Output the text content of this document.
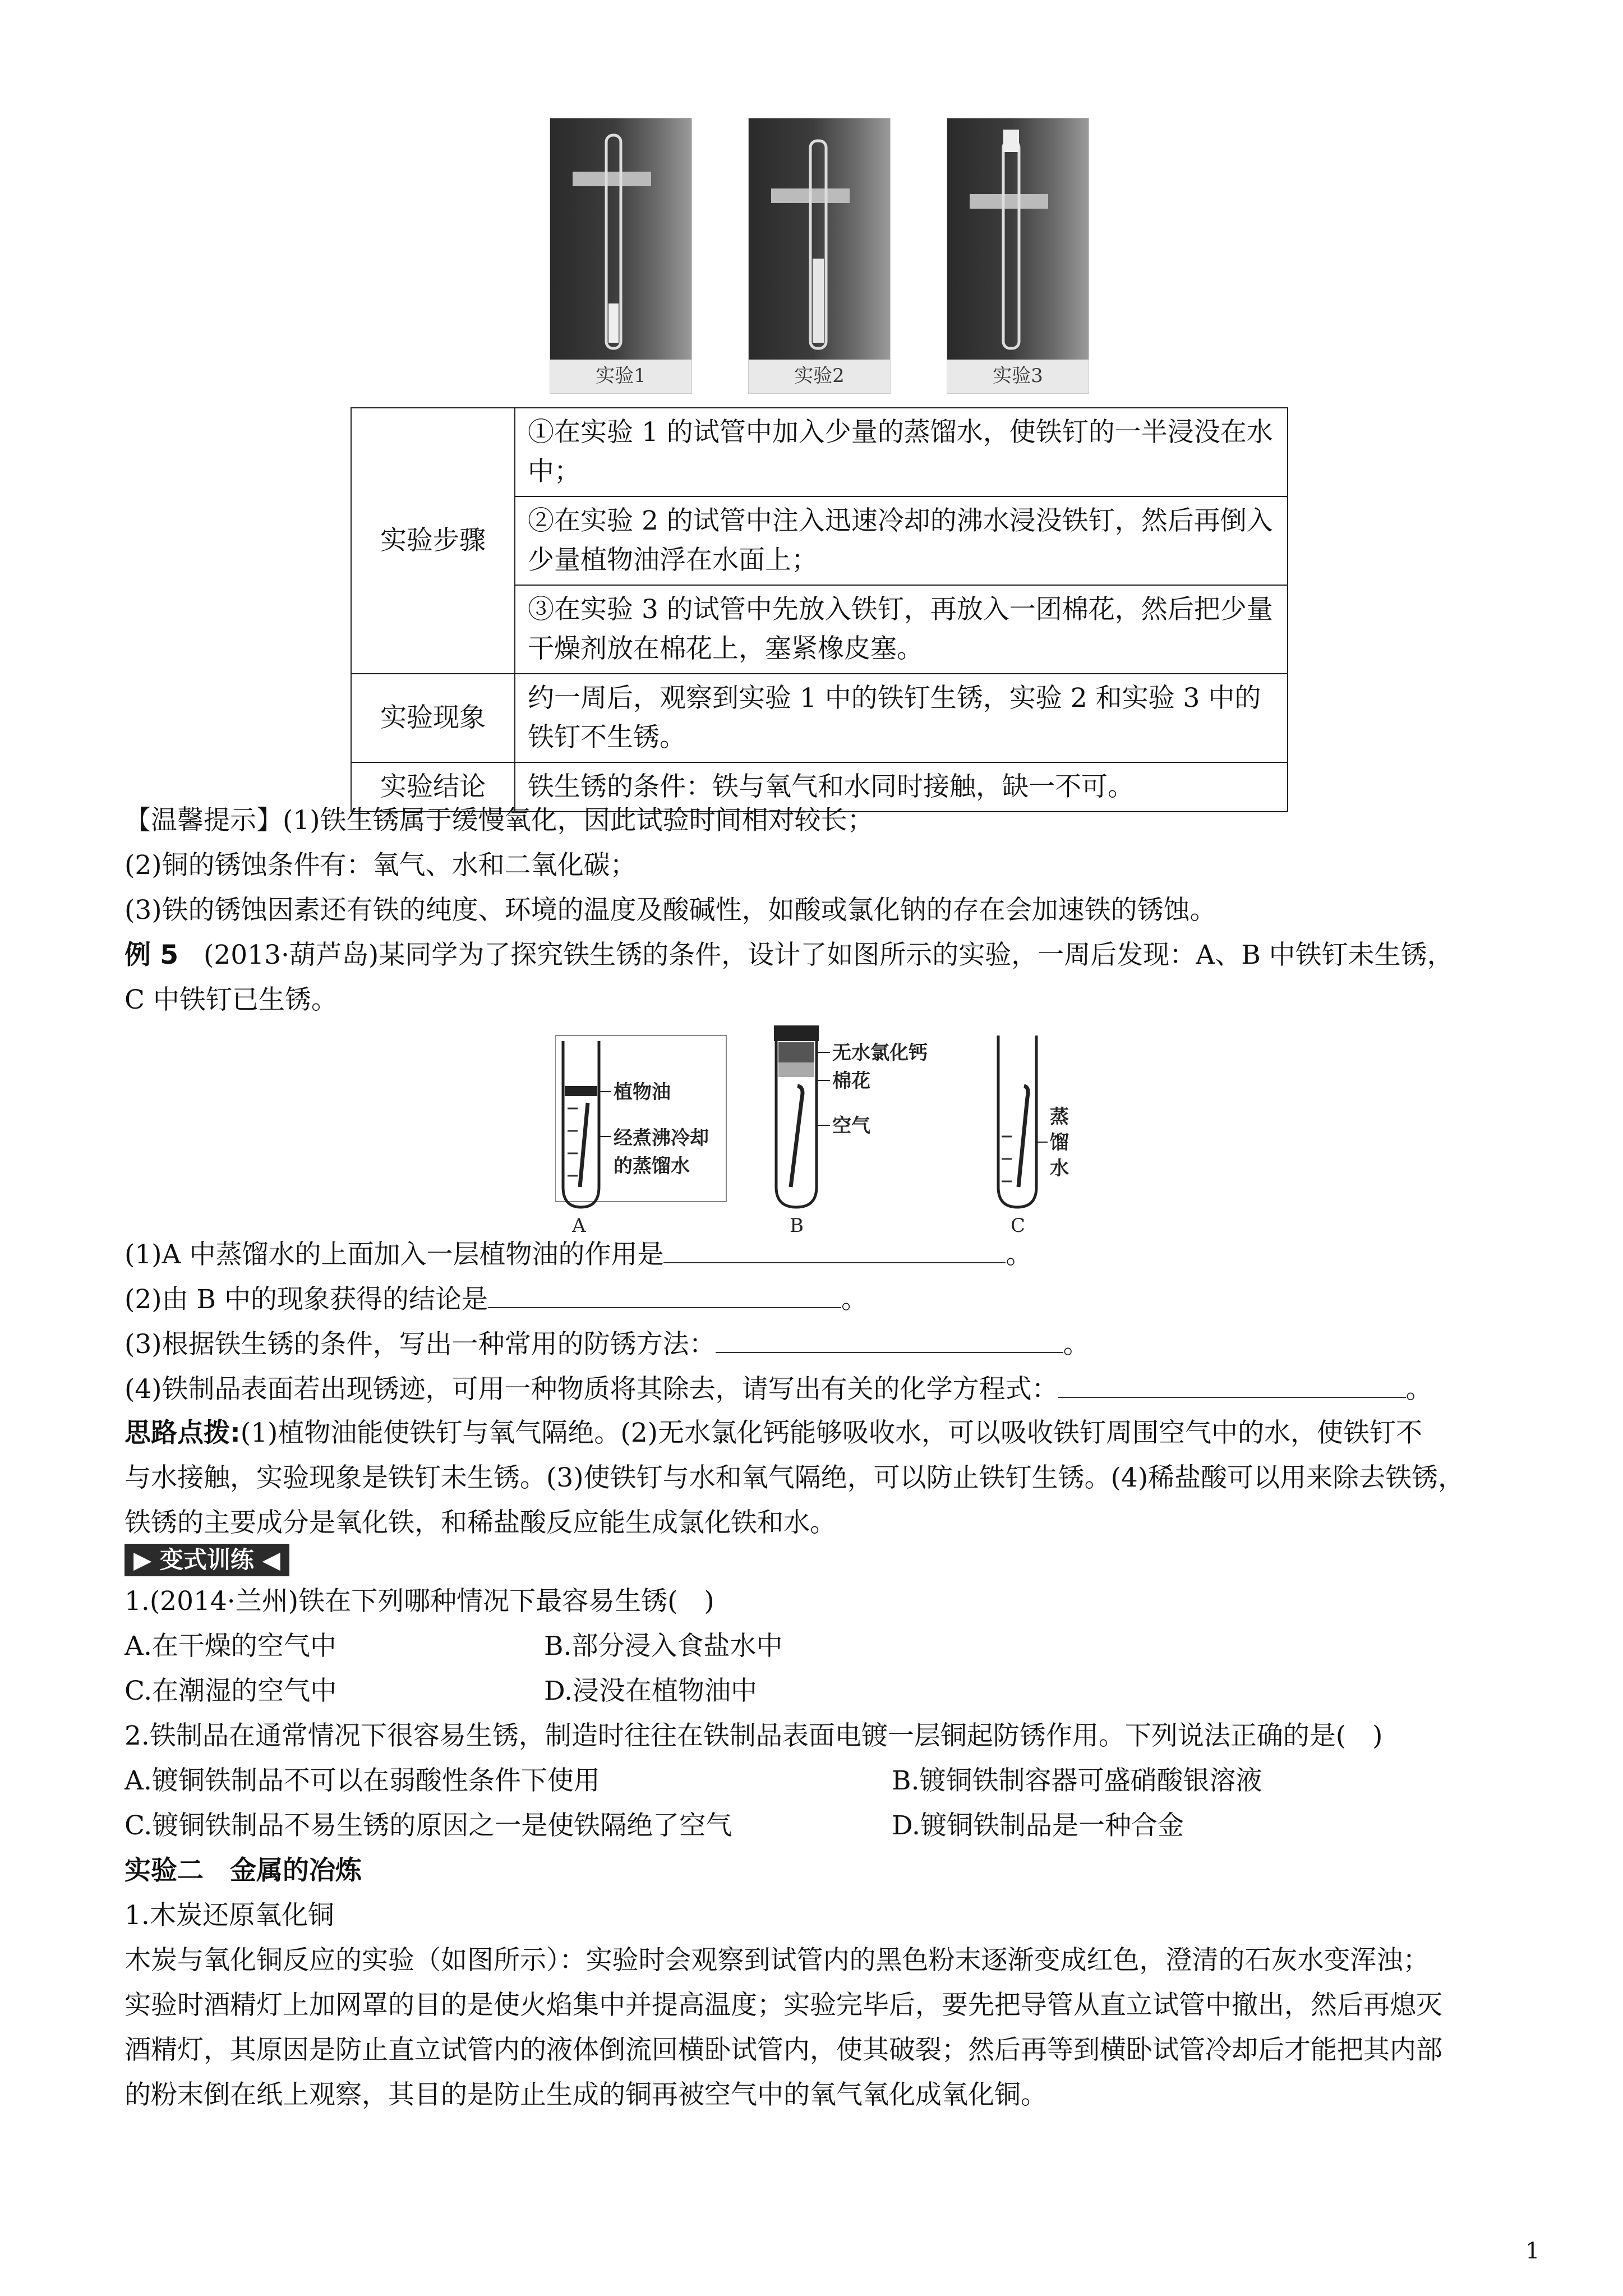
实验1	实验2	实验3
实验步骤	①在实验 1 的试管中加入少量的蒸馏水，使铁钉的一半浸没在水中；
	②在实验 2 的试管中注入迅速冷却的沸水浸没铁钉，然后再倒入少量植物油浮在水面上；
	③在实验 3 的试管中先放入铁钉，再放入一团棉花，然后把少量干燥剂放在棉花上，塞紧橡皮塞。
实验现象	约一周后，观察到实验 1 中的铁钉生锈，实验 2 和实验 3 中的铁钉不生锈。
实验结论	铁生锈的条件：铁与氧气和水同时接触，缺一不可。
【温馨提示】(1)铁生锈属于缓慢氧化，因此试验时间相对较长；
(2)铜的锈蚀条件有：氧气、水和二氧化碳；
(3)铁的锈蚀因素还有铁的纯度、环境的温度及酸碱性，如酸或氯化钠的存在会加速铁的锈蚀。
例 5 (2013·葫芦岛)某同学为了探究铁生锈的条件，设计了如图所示的实验，一周后发现：A、B 中铁钉未生锈，
C 中铁钉已生锈。
植物油
经煮沸冷却
的蒸馏水
A
无水氯化钙
棉花
空气
B
蒸
馏
水
C
(1)A 中蒸馏水的上面加入一层植物油的作用是	。
(2)由 B 中的现象获得的结论是	。
(3)根据铁生锈的条件，写出一种常用的防锈方法：	。
(4)铁制品表面若出现锈迹，可用一种物质将其除去，请写出有关的化学方程式：	。
思路点拨:(1)植物油能使铁钉与氧气隔绝。(2)无水氯化钙能够吸收水，可以吸收铁钉周围空气中的水，使铁钉不
与水接触，实验现象是铁钉未生锈。(3)使铁钉与水和氧气隔绝，可以防止铁钉生锈。(4)稀盐酸可以用来除去铁锈，
铁锈的主要成分是氧化铁，和稀盐酸反应能生成氯化铁和水。
▶ 变式训练 ◀
1.(2014·兰州)铁在下列哪种情况下最容易生锈(　)
A.在干燥的空气中	B.部分浸入食盐水中
C.在潮湿的空气中	D.浸没在植物油中
2.铁制品在通常情况下很容易生锈，制造时往往在铁制品表面电镀一层铜起防锈作用。下列说法正确的是(　)
A.镀铜铁制品不可以在弱酸性条件下使用	B.镀铜铁制容器可盛硝酸银溶液
C.镀铜铁制品不易生锈的原因之一是使铁隔绝了空气	D.镀铜铁制品是一种合金
实验二　金属的冶炼
1.木炭还原氧化铜
木炭与氧化铜反应的实验（如图所示）：实验时会观察到试管内的黑色粉末逐渐变成红色，澄清的石灰水变浑浊；
实验时酒精灯上加网罩的目的是使火焰集中并提高温度；实验完毕后，要先把导管从直立试管中撤出，然后再熄灭
酒精灯，其原因是防止直立试管内的液体倒流回横卧试管内，使其破裂；然后再等到横卧试管冷却后才能把其内部
的粉末倒在纸上观察，其目的是防止生成的铜再被空气中的氧气氧化成氧化铜。
1
